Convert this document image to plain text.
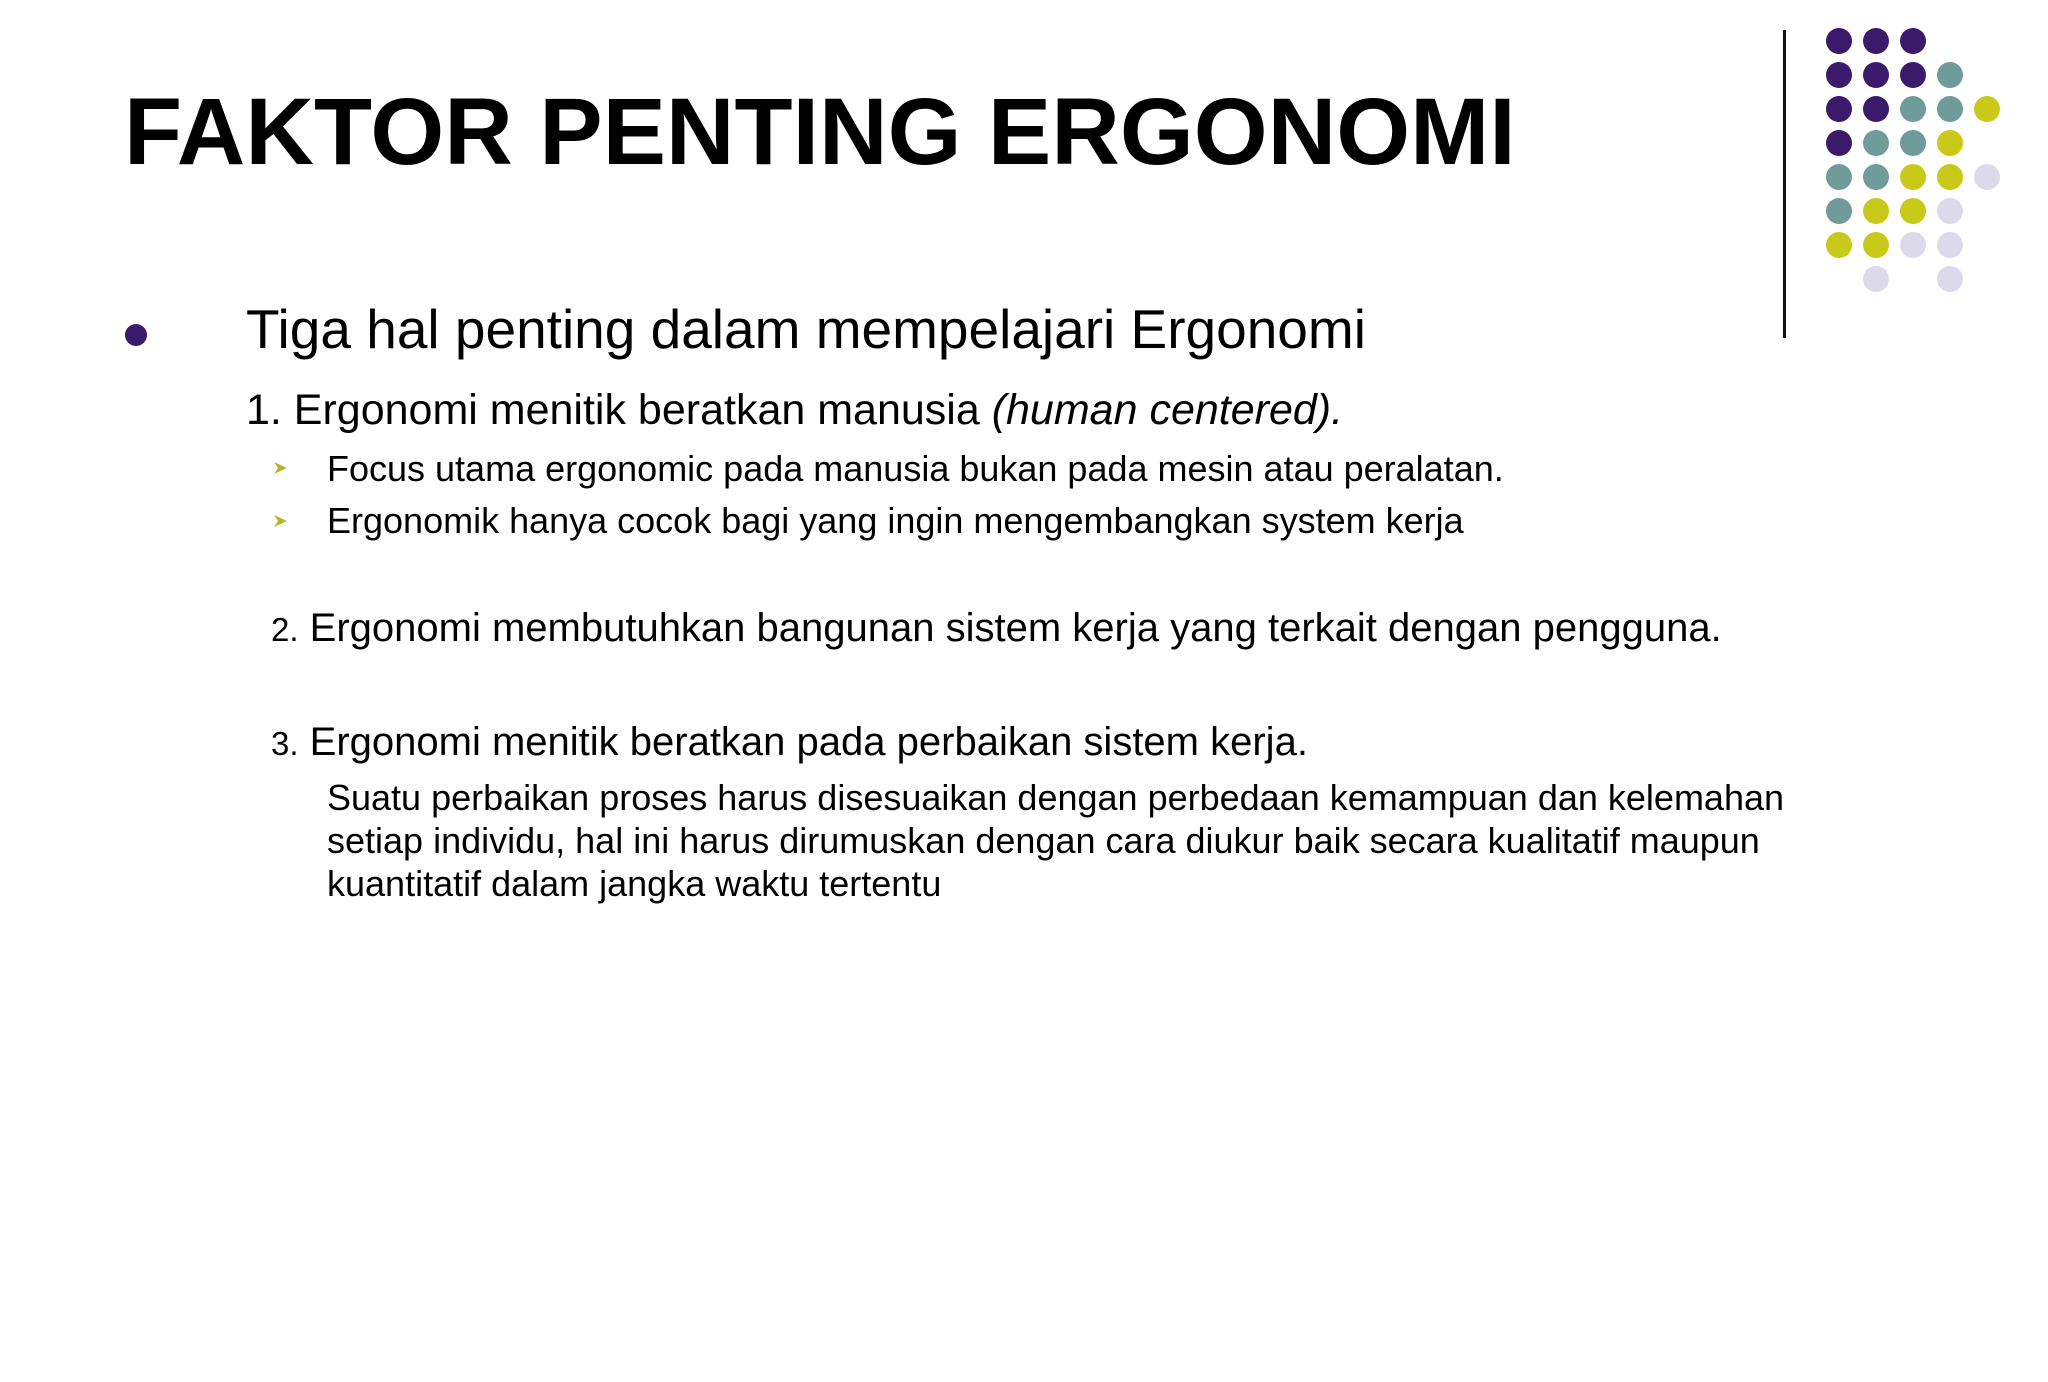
FAKTOR PENTING ERGONOMI
Tiga hal penting dalam mempelajari Ergonomi
1. Ergonomi menitik beratkan manusia (human centered).
Focus utama ergonomic pada manusia bukan pada mesin atau peralatan.
Ergonomik hanya cocok bagi yang ingin mengembangkan system kerja
2. Ergonomi membutuhkan bangunan sistem kerja yang terkait dengan pengguna.
3. Ergonomi menitik beratkan pada perbaikan sistem kerja.
Suatu perbaikan proses harus disesuaikan dengan perbedaan kemampuan dan kelemahan
setiap individu, hal ini harus dirumuskan dengan cara diukur baik secara kualitatif maupun
kuantitatif dalam jangka waktu tertentu
